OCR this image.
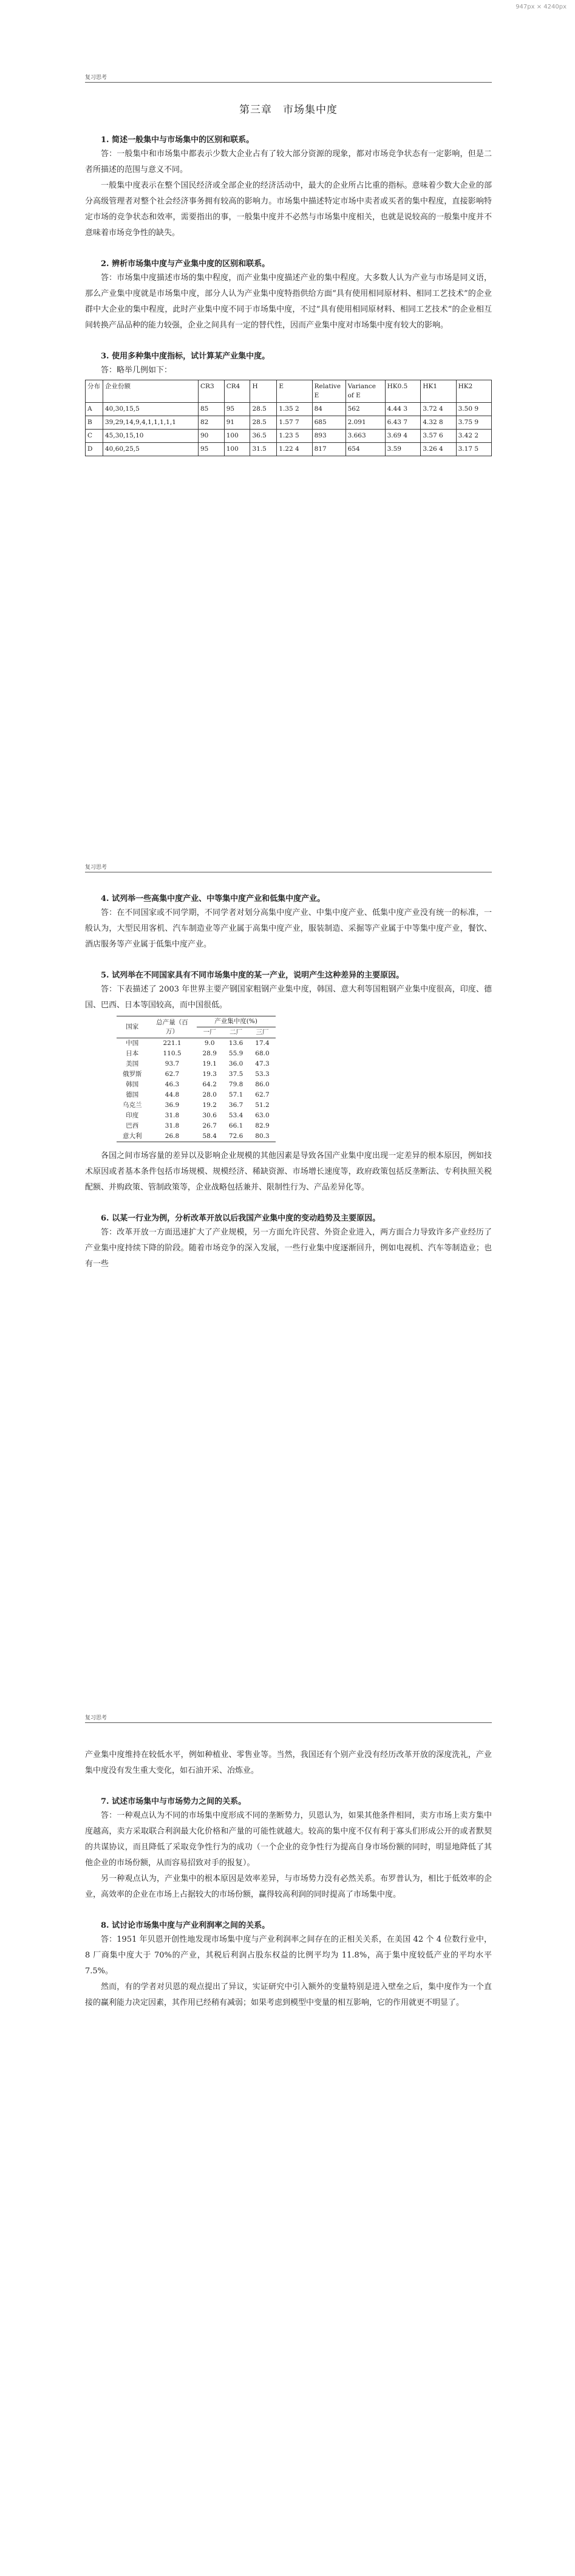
947px × 4240px
复习思考
第三章　市场集中度
1. 简述一般集中与市场集中的区别和联系。

答：一般集中和市场集中都表示少数大企业占有了较大部分资源的现象，都对市场竞争状态有一定影响，但是二者所描述的范围与意义不同。

一般集中度表示在整个国民经济或全部企业的经济活动中，最大的企业所占比重的指标。意味着少数大企业的部分高级管理者对整个社会经济事务拥有较高的影响力。市场集中描述特定市场中卖者或买者的集中程度，直接影响特定市场的竞争状态和效率，需要指出的事，一般集中度并不必然与市场集中度相关，也就是说较高的一般集中度并不意味着市场竞争性的缺失。

2. 辨析市场集中度与产业集中度的区别和联系。

答：市场集中度描述市场的集中程度，而产业集中度描述产业的集中程度。大多数人认为产业与市场是同义语，那么产业集中度就是市场集中度，部分人认为产业集中度特指供给方面“具有使用相同原材料、相同工艺技术”的企业群中大企业的集中程度，此时产业集中度不同于市场集中度，不过“具有使用相同原材料、相同工艺技术”的企业相互间转换产品品种的能力较强，企业之间具有一定的替代性，因而产业集中度对市场集中度有较大的影响。

3. 使用多种集中度指标，试计算某产业集中度。

答：略举几例如下：

分布	企业份额	CR3	CR4	H	E	Relative E	Variance of E	HK0.5	HK1	HK2
A	40,30,15,5	85	95	28.5	1.35 2	84	562	4.44 3	3.72 4	3.50 9
B	39,29,14,9,4,1,1,1,1,1	82	91	28.5	1.57 7	685	2.091	6.43 7	4.32 8	3.75 9
C	45,30,15,10	90	100	36.5	1.23 5	893	3.663	3.69 4	3.57 6	3.42 2
D	40,60,25,5	95	100	31.5	1.22 4	817	654	3.59	3.26 4	3.17 5
复习思考
4. 试列举一些高集中度产业、中等集中度产业和低集中度产业。

答：在不同国家或不同学期，不同学者对划分高集中度产业、中集中度产业、低集中度产业没有统一的标准，一般认为，大型民用客机、汽车制造业等产业属于高集中度产业，服装制造、采掘等产业属于中等集中度产业，餐饮、酒店服务等产业属于低集中度产业。

5. 试列举在不同国家具有不同市场集中度的某一产业，说明产生这种差异的主要原因。

答：下表描述了 2003 年世界主要产钢国家粗钢产业集中度，韩国、意大利等国粗钢产业集中度很高，印度、德国、巴西、日本等国较高，而中国很低。

国家	总产量（百万）	产业集中度(%)		
		一厂	二厂	三厂
中国	221.1	9.0	13.6	17.4
日本	110.5	28.9	55.9	68.0
美国	93.7	19.1	36.0	47.3
俄罗斯	62.7	19.3	37.5	53.3
韩国	46.3	64.2	79.8	86.0
德国	44.8	28.0	57.1	62.7
乌克兰	36.9	19.2	36.7	51.2
印度	31.8	30.6	53.4	63.0
巴西	31.8	26.7	66.1	82.9
意大利	26.8	58.4	72.6	80.3

各国之间市场容量的差异以及影响企业规模的其他因素是导致各国产业集中度出现一定差异的根本原因，例如技术原因或者基本条件包括市场规模、规模经济、稀缺资源、市场增长速度等，政府政策包括反垄断法、专利执照关税配额、并购政策、管制政策等，企业战略包括兼并、限制性行为、产品差异化等。

6. 以某一行业为例，分析改革开放以后我国产业集中度的变动趋势及主要原因。

答：改革开放一方面迅速扩大了产业规模，另一方面允许民营、外资企业进入，两方面合力导致许多产业经历了产业集中度持续下降的阶段。随着市场竞争的深入发展，一些行业集中度逐渐回升，例如电视机、汽车等制造业；也有一些

复习思考

产业集中度维持在较低水平，例如种植业、零售业等。当然，我国还有个别产业没有经历改革开放的深度洗礼，产业集中度没有发生重大变化，如石油开采、冶炼业。

7. 试述市场集中与市场势力之间的关系。

答：一种观点认为不同的市场集中度形成不同的垄断势力，贝恩认为，如果其他条件相同，卖方市场上卖方集中度越高，卖方采取联合利润最大化价格和产量的可能性就越大。较高的集中度不仅有利于寡头们形成公开的或者默契的共谋协议，而且降低了采取竞争性行为的成功（一个企业的竞争性行为提高自身市场份额的同时，明显地降低了其他企业的市场份额，从而容易招致对手的报复）。

另一种观点认为，产业集中的根本原因是效率差异，与市场势力没有必然关系。布罗普认为，相比于低效率的企业，高效率的企业在市场上占据较大的市场份额，赢得较高利润的同时提高了市场集中度。

8. 试讨论市场集中度与产业利润率之间的关系。

答：1951 年贝恩开创性地发现市场集中度与产业利润率之间存在的正相关关系，在美国 42 个 4 位数行业中，8 厂商集中度大于 70%的产业，其税后利润占股东权益的比例平均为 11.8%，高于集中度较低产业的平均水平 7.5%。

然而，有的学者对贝恩的观点提出了异议，实证研究中引入额外的变量特别是进入壁垒之后，集中度作为一个直接的赢利能力决定因素，其作用已经稍有减弱；如果考虑到模型中变量的相互影响，它的作用就更不明显了。
